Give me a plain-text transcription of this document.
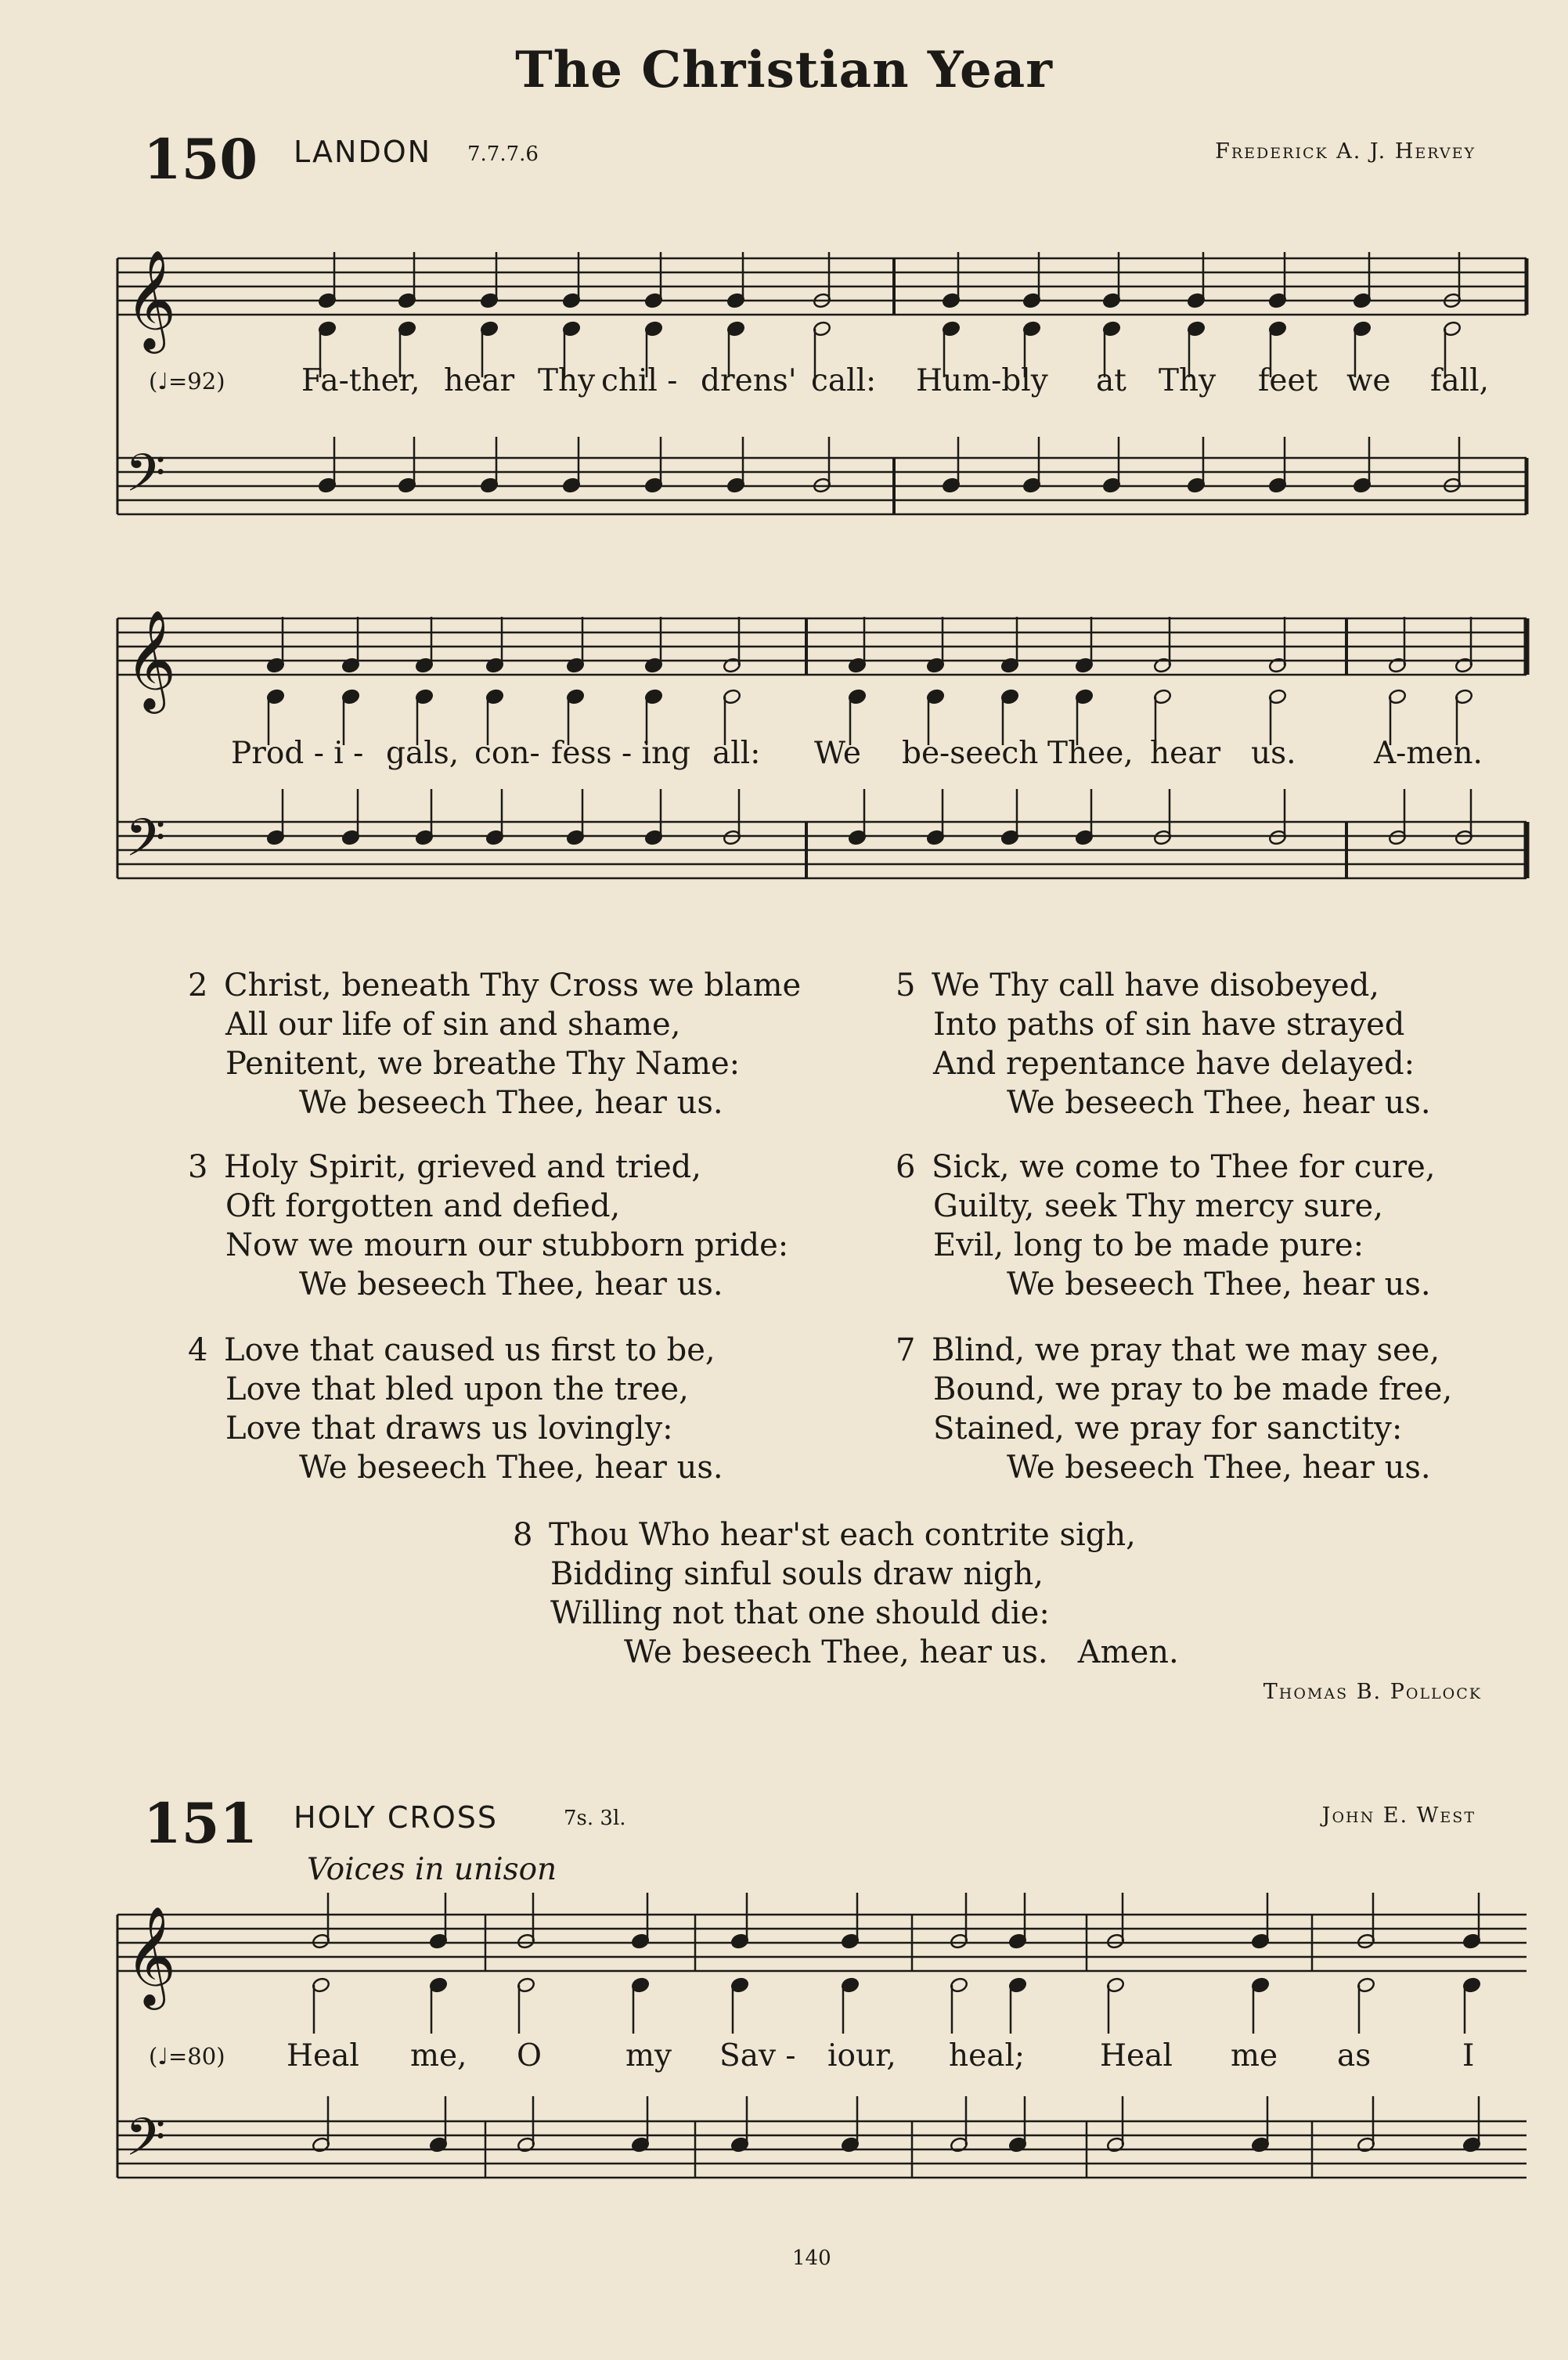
The Christian Year
150 LANDON 7.7.7.6	Frederick A. J. Hervey
𝄞
𝄢
𝄞
𝄢
𝄞
𝄢
(♩=92) Fa-ther, hear Thy chil - drens' call: Hum-bly at Thy feet we fall,
Prod - i - gals, con- fess - ing all: We be-seech Thee, hear us.	A-men.
2 Christ, beneath Thy Cross we blame
All our life of sin and shame,
Penitent, we breathe Thy Name:
We beseech Thee, hear us.
3 Holy Spirit, grieved and tried,
Oft forgotten and defied,
Now we mourn our stubborn pride:
We beseech Thee, hear us.
4 Love that caused us first to be,
Love that bled upon the tree,
Love that draws us lovingly:
We beseech Thee, hear us.
5 We Thy call have disobeyed,
Into paths of sin have strayed
And repentance have delayed:
We beseech Thee, hear us.
6 Sick, we come to Thee for cure,
Guilty, seek Thy mercy sure,
Evil, long to be made pure:
We beseech Thee, hear us.
7 Blind, we pray that we may see,
Bound, we pray to be made free,
Stained, we pray for sanctity:
We beseech Thee, hear us.
8 Thou Who hear'st each contrite sigh,
Bidding sinful souls draw nigh,
Willing not that one should die:
We beseech Thee, hear us.   Amen.
Thomas B. Pollock
151 HOLY CROSS	7s. 3l.	John E. West
Voices in unison
(♩=80) Heal me, O	my Sav - iour, heal; Heal me as	I
140
